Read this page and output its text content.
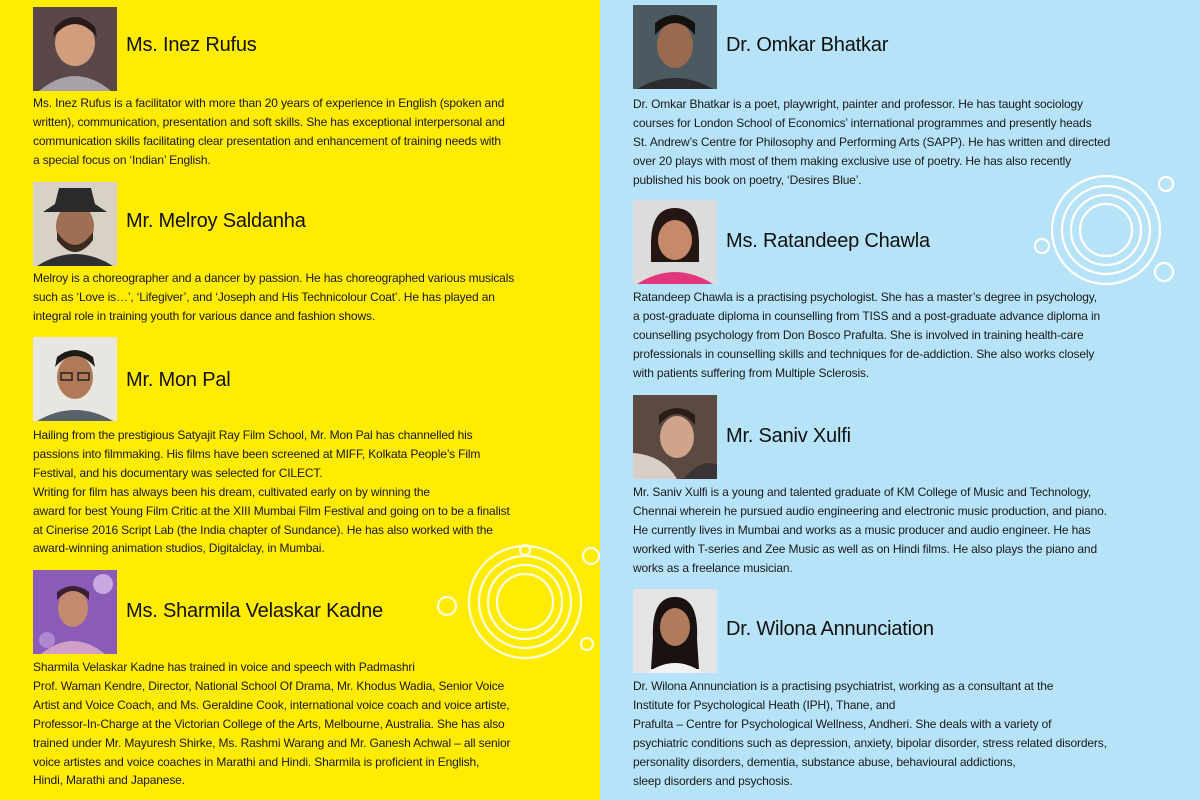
Ms. Inez Rufus

Ms. Inez Rufus is a facilitator with more than 20 years of experience in English (spoken and

written), communication, presentation and soft skills. She has exceptional interpersonal and

communication skills facilitating clear presentation and enhancement of training needs with

a special focus on ‘Indian’ English.

Mr. Melroy Saldanha

Melroy is a choreographer and a dancer by passion. He has choreographed various musicals

such as ‘Love is…’, ‘Lifegiver’, and ‘Joseph and His Technicolour Coat’. He has played an

integral role in training youth for various dance and fashion shows.

Mr. Mon Pal

Hailing from the prestigious Satyajit Ray Film School, Mr. Mon Pal has channelled his

passions into filmmaking. His films have been screened at MIFF, Kolkata People’s Film

Festival, and his documentary was selected for CILECT.

Writing for film has always been his dream, cultivated early on by winning the

award for best Young Film Critic at the XIII Mumbai Film Festival and going on to be a finalist

at Cinerise 2016 Script Lab (the India chapter of Sundance). He has also worked with the

award-winning animation studios, Digitalclay, in Mumbai.

Ms. Sharmila Velaskar Kadne

Sharmila Velaskar Kadne has trained in voice and speech with Padmashri

Prof. Waman Kendre, Director, National School Of Drama, Mr. Khodus Wadia, Senior Voice

Artist and Voice Coach, and Ms. Geraldine Cook, international voice coach and voice artiste,

Professor-In-Charge at the Victorian College of the Arts, Melbourne, Australia. She has also

trained under Mr. Mayuresh Shirke, Ms. Rashmi Warang and Mr. Ganesh Achwal – all senior

voice artistes and voice coaches in Marathi and Hindi. Sharmila is proficient in English,

Hindi, Marathi and Japanese.

Dr. Omkar Bhatkar

Dr. Omkar Bhatkar is a poet, playwright, painter and professor. He has taught sociology

courses for London School of Economics’ international programmes and presently heads

St. Andrew’s Centre for Philosophy and Performing Arts (SAPP). He has written and directed

over 20 plays with most of them making exclusive use of poetry. He has also recently

published his book on poetry, ‘Desires Blue’.

Ms. Ratandeep Chawla

Ratandeep Chawla is a practising psychologist. She has a master’s degree in psychology,

a post-graduate diploma in counselling from TISS and a post-graduate advance diploma in

counselling psychology from Don Bosco Prafulta. She is involved in training health-care

professionals in counselling skills and techniques for de-addiction. She also works closely

with patients suffering from Multiple Sclerosis.

Mr. Saniv Xulfi

Mr. Saniv Xulfi is a young and talented graduate of KM College of Music and Technology,

Chennai wherein he pursued audio engineering and electronic music production, and piano.

He currently lives in Mumbai and works as a music producer and audio engineer. He has

worked with T-series and Zee Music as well as on Hindi films. He also plays the piano and

works as a freelance musician.

Dr. Wilona Annunciation

Dr. Wilona Annunciation is a practising psychiatrist, working as a consultant at the

Institute for Psychological Heath (IPH), Thane, and

Prafulta – Centre for Psychological Wellness, Andheri. She deals with a variety of

psychiatric conditions such as depression, anxiety, bipolar disorder, stress related disorders,

personality disorders, dementia, substance abuse, behavioural addictions,

sleep disorders and psychosis.
